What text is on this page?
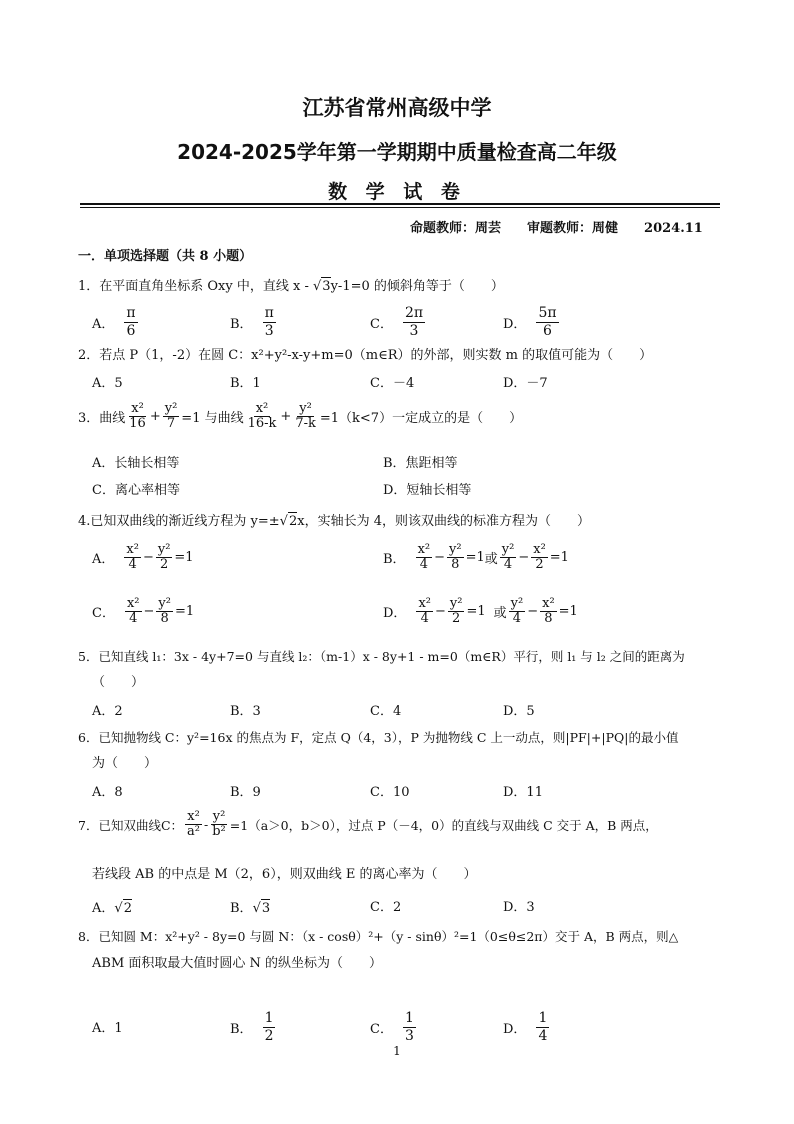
江苏省常州高级中学
2024-2025学年第一学期期中质量检查高二年级
数 学 试 卷
命题教师：周芸 审题教师：周健 2024.11
一．单项选择题（共 8 小题）
1．在平面直角坐标系 Oxy 中，直线 x - √ 3 y-1=0 的倾斜角等于（　　）
A． $\frac{\pi}{6}$	B． $\frac{\pi}{3}$	C． $\frac{2\pi}{3}$	D． $\frac{5\pi}{6}$
2．若点 P（1，-2）在圆 C：x²+y²-x-y+m=0（m∈R）的外部，则实数 m 的取值可能为（　　）
A．5	B．1	C．－4	D．－7
3．曲线 $\frac{\text{x²}}{16} + \frac{\text{y²}}{7} =1$ 与曲线 $\frac{\text{x²}}{16-k} + \frac{\text{y²}}{7-k} =1(k<7)$一定成立的是（　　）
A．长轴长相等	B．焦距相等
C．离心率相等	D．短轴长相等
4.已知双曲线的渐近线方程为 y=±√ 2 x，实轴长为 4，则该双曲线的标准方程为（　　）
A． $\frac{\text{x²}}{4} - \frac{\text{y²}}{2} =1$	B． $\frac{\text{x²}}{4} - \frac{\text{y²}}{8} =1$ 或 $\frac{\text{y²}}{4} - \frac{\text{x²}}{2} =1$
C． $\frac{\text{x²}}{4} - \frac{\text{y²}}{8} =1$	D． $\frac{\text{x²}}{4} - \frac{\text{y²}}{2} =1$ 或 $\frac{\text{y²}}{4} - \frac{\text{x²}}{8} =1$
5．已知直线 l₁：3x - 4y+7=0 与直线 l₂：（m-1）x - 8y+1 - m=0（m∈R）平行，则 l₁ 与 l₂ 之间的距离为
（　　）
A．2	B．3	C．4	D．5
6．已知抛物线 C：y²=16x 的焦点为 F，定点 Q（4，3），P 为抛物线 C 上一动点，则|PF|+|PQ|的最小值
为（　　）
A．8	B．9	C．10	D．11
7．已知双曲线C： $\frac{\text{x²}}{\text{a²}} - \frac{\text{y²}}{\text{b²}} =1(a>0$，b＞0），过点 P（－4，0）的直线与双曲线 C 交于 A，B 两点，
若线段 AB 的中点是 M（2，6），则双曲线 E 的离心率为（　　）
A．√ 2	B．√ 3	C．2	D．3
8．已知圆 M：x²+y² - 8y=0 与圆 N：（x - cosθ）²+（y - sinθ）²=1（0≤θ≤2π）交于 A，B 两点，则△
ABM 面积取最大值时圆心 N 的纵坐标为（　　）
A．1	B． $\frac{1}{2}$	C． $\frac{1}{3}$	D． $\frac{1}{4}$
1
